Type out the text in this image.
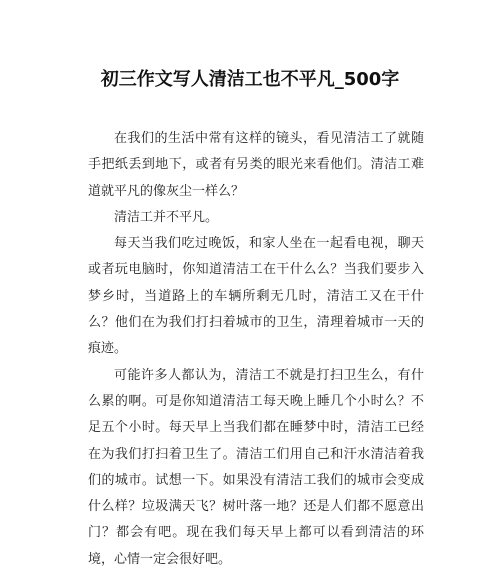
初三作文写人清洁工也不平凡_500字

在我们的生活中常有这样的镜头，看见清洁工了就随手把纸丢到地下，或者有另类的眼光来看他们。清洁工难道就平凡的像灰尘一样么？

清洁工并不平凡。

每天当我们吃过晚饭，和家人坐在一起看电视，聊天或者玩电脑时，你知道清洁工在干什么么？当我们要步入梦乡时，当道路上的车辆所剩无几时，清洁工又在干什么？他们在为我们打扫着城市的卫生，清理着城市一天的痕迹。

可能许多人都认为，清洁工不就是打扫卫生么，有什么累的啊。可是你知道清洁工每天晚上睡几个小时么？不足五个小时。每天早上当我们都在睡梦中时，清洁工已经在为我们打扫着卫生了。清洁工们用自己和汗水清洁着我们的城市。试想一下。如果没有清洁工我们的城市会变成什么样？垃圾满天飞？树叶落一地？还是人们都不愿意出门？都会有吧。现在我们每天早上都可以看到清洁的环境，心情一定会很好吧。
